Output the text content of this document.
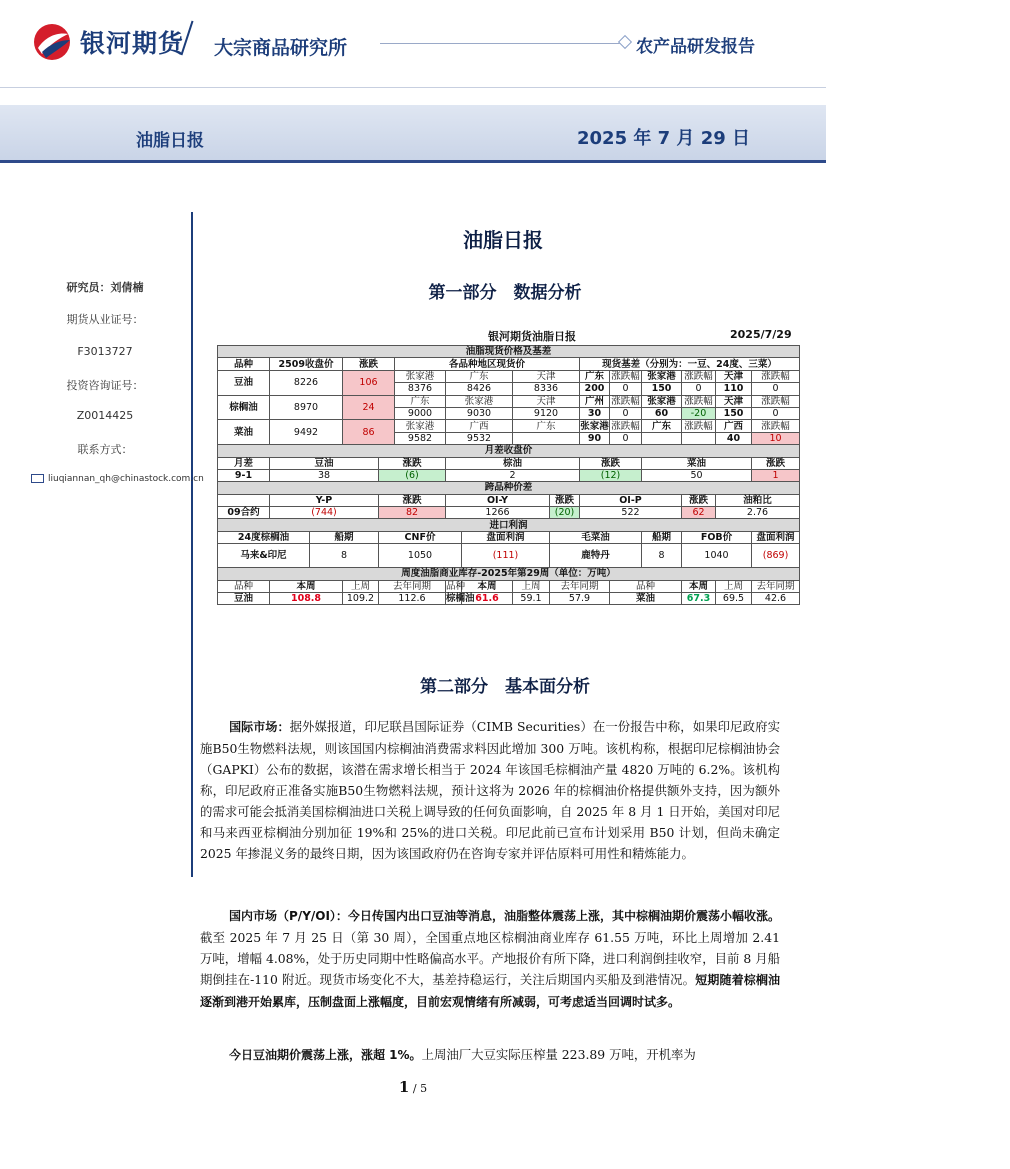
银河期货 大宗商品研究所	农产品研发报告
油脂日报	2025 年 7 月 29 日
研究员：刘倩楠
期货从业证号：
F3013727
投资咨询证号：
Z0014425
联系方式：
liuqiannan_qh@chinastock.com.cn
油脂日报
第一部分　数据分析
银河期货油脂日报	2025/7/29
油脂现货价格及基差																
品种	2509收盘价		涨跌		各品种地区现货价					现货基差（分别为：一豆、24度、三菜）						
豆油	8226		106		张家港	广东		天津		广东	涨跌幅	张家港	涨跌幅	天津	涨跌幅	
					8376	8426		8336		200	0	150	0	110	0	
棕榈油	8970		24		广东	张家港		天津		广州	涨跌幅	张家港	涨跌幅	天津	涨跌幅	
					9000	9030		9120		30	0	60	-20	150	0	
菜油	9492		86		张家港	广西		广东		张家港	涨跌幅	广东	涨跌幅	广西	涨跌幅	
					9582	9532				90	0			40	10	
月差收盘价																
月差	豆油			涨跌		棕油				涨跌		菜油			涨跌	
9-1	38			(6)		2				(12)		50			1	
跨品种价差																
	Y-P			涨跌		OI-Y			涨跌	OI-P			涨跌	油粕比	
09合约	(744)			82		1266			(20)	522			62	2.76	
进口利润																
24度棕榈油		船期		CNF价			盘面利润		毛菜油			船期	FOB价		盘面利润	
马来&印尼		8		1050			(111)		鹿特丹			8	1040		(869)	
周度油脂商业库存-2025年第29周（单位：万吨）																
品种	本周		上周	去年同期		品种	本周	上周	去年同期		品种		本周	上周	去年同期	
豆油	108.8		109.2	112.6		棕榈油	61.6	59.1	57.9		菜油		67.3	69.5	42.6	
第二部分　基本面分析
国际市场：据外媒报道，印尼联昌国际证券（CIMB Securities）在一份报告中称，如果印尼政府实施B50生物燃料法规，则该国国内棕榈油消费需求料因此增加 300 万吨。该机构称，根据印尼棕榈油协会（GAPKI）公布的数据，该潜在需求增长相当于 2024 年该国毛棕榈油产量 4820 万吨的 6.2%。该机构称，印尼政府正准备实施B50生物燃料法规，预计这将为 2026 年的棕榈油价格提供额外支持，因为额外的需求可能会抵消美国棕榈油进口关税上调导致的任何负面影响，自 2025 年 8 月 1 日开始，美国对印尼和马来西亚棕榈油分别加征 19%和 25%的进口关税。印尼此前已宣布计划采用 B50 计划，但尚未确定 2025 年掺混义务的最终日期，因为该国政府仍在咨询专家并评估原料可用性和精炼能力。
国内市场（P/Y/OI）：今日传国内出口豆油等消息，油脂整体震荡上涨，其中棕榈油期价震荡小幅收涨。截至 2025 年 7 月 25 日（第 30 周），全国重点地区棕榈油商业库存 61.55 万吨，环比上周增加 2.41 万吨，增幅 4.08%，处于历史同期中性略偏高水平。产地报价有所下降，进口利润倒挂收窄，目前 8 月船期倒挂在-110 附近。现货市场变化不大，基差持稳运行，关注后期国内买船及到港情况。短期随着棕榈油逐渐到港开始累库，压制盘面上涨幅度，目前宏观情绪有所减弱，可考虑适当回调时试多。
今日豆油期价震荡上涨，涨超 1%。上周油厂大豆实际压榨量 223.89 万吨，开机率为
1 / 5
